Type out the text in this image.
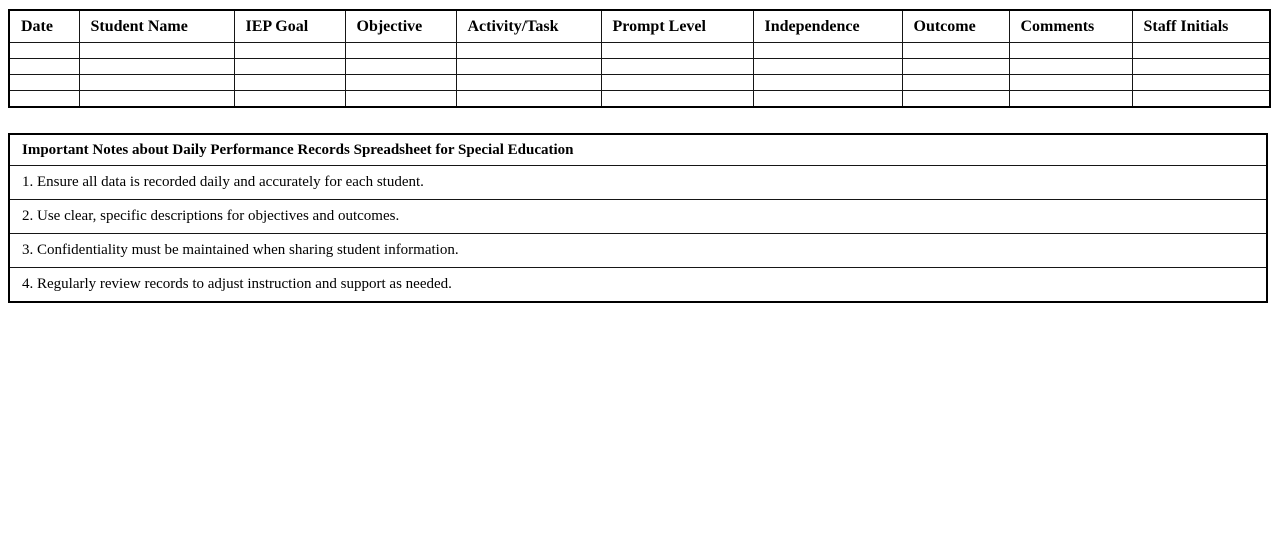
Date	Student Name	IEP Goal	Objective	Activity/Task	Prompt Level	Independence	Outcome	Comments	Staff Initials

Important Notes about Daily Performance Records Spreadsheet for Special Education
1. Ensure all data is recorded daily and accurately for each student.
2. Use clear, specific descriptions for objectives and outcomes.
3. Confidentiality must be maintained when sharing student information.
4. Regularly review records to adjust instruction and support as needed.
